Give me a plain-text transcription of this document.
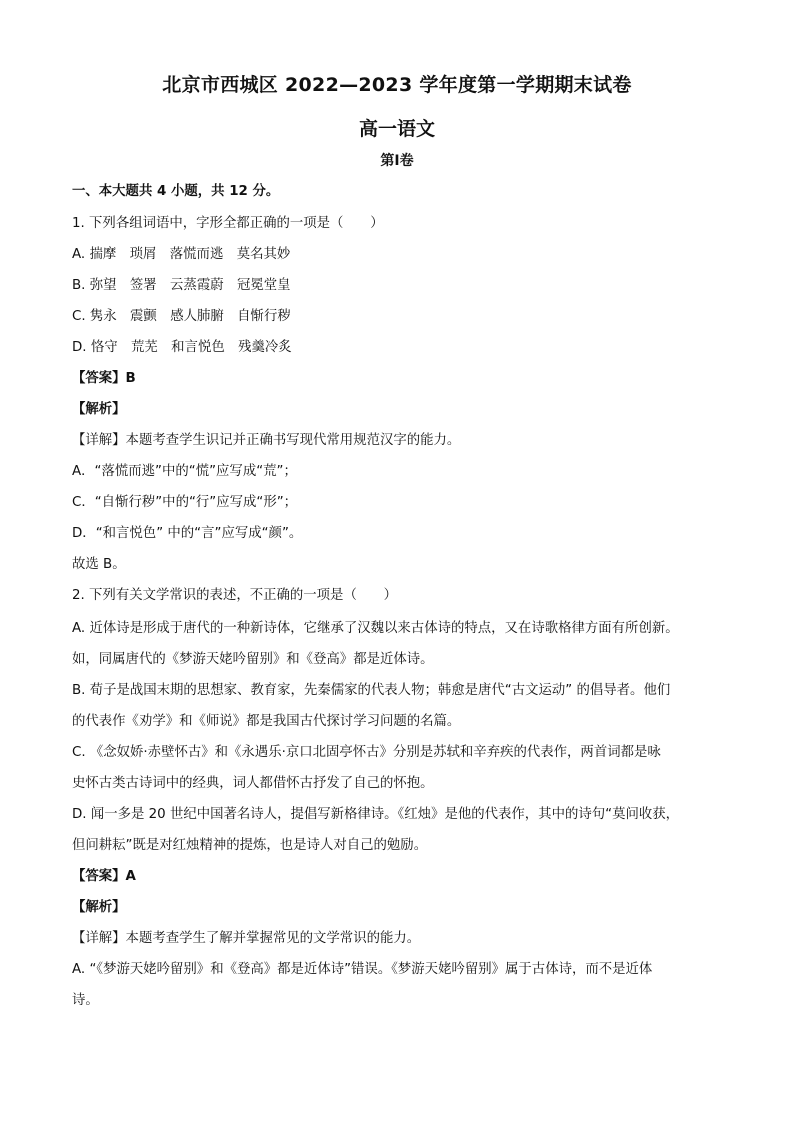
北京市西城区 2022—2023 学年度第一学期期末试卷
高一语文
第Ⅰ卷
一、本大题共 4 小题，共 12 分。
1. 下列各组词语中，字形全都正确的一项是（　　）
A. 揣摩　琐屑　落慌而逃　莫名其妙
B. 弥望　签署　云蒸霞蔚　冠冕堂皇
C. 隽永　震颤　感人肺腑　自惭行秽
D. 恪守　荒芜　和言悦色　残羹冷炙
【答案】B
【解析】
【详解】本题考查学生识记并正确书写现代常用规范汉字的能力。
A．“落慌而逃”中的“慌”应写成“荒”；
C．“自惭行秽”中的“行”应写成“形”；
D．“和言悦色” 中的“言”应写成“颜”。
故选 B。
2. 下列有关文学常识的表述，不正确的一项是（　　）
A. 近体诗是形成于唐代的一种新诗体，它继承了汉魏以来古体诗的特点，又在诗歌格律方面有所创新。
如，同属唐代的《梦游天姥吟留别》和《登高》都是近体诗。
B. 荀子是战国末期的思想家、教育家，先秦儒家的代表人物；韩愈是唐代“古文运动” 的倡导者。他们
的代表作《劝学》和《师说》都是我国古代探讨学习问题的名篇。
C. 《念奴娇·赤壁怀古》和《永遇乐·京口北固亭怀古》分别是苏轼和辛弃疾的代表作，两首词都是咏
史怀古类古诗词中的经典，词人都借怀古抒发了自己的怀抱。
D. 闻一多是 20 世纪中国著名诗人，提倡写新格律诗。《红烛》是他的代表作，其中的诗句“莫问收获，
但问耕耘”既是对红烛精神的提炼，也是诗人对自己的勉励。
【答案】A
【解析】
【详解】本题考查学生了解并掌握常见的文学常识的能力。
A. “《梦游天姥吟留别》和《登高》都是近体诗”错误。《梦游天姥吟留别》属于古体诗，而不是近体
诗。
